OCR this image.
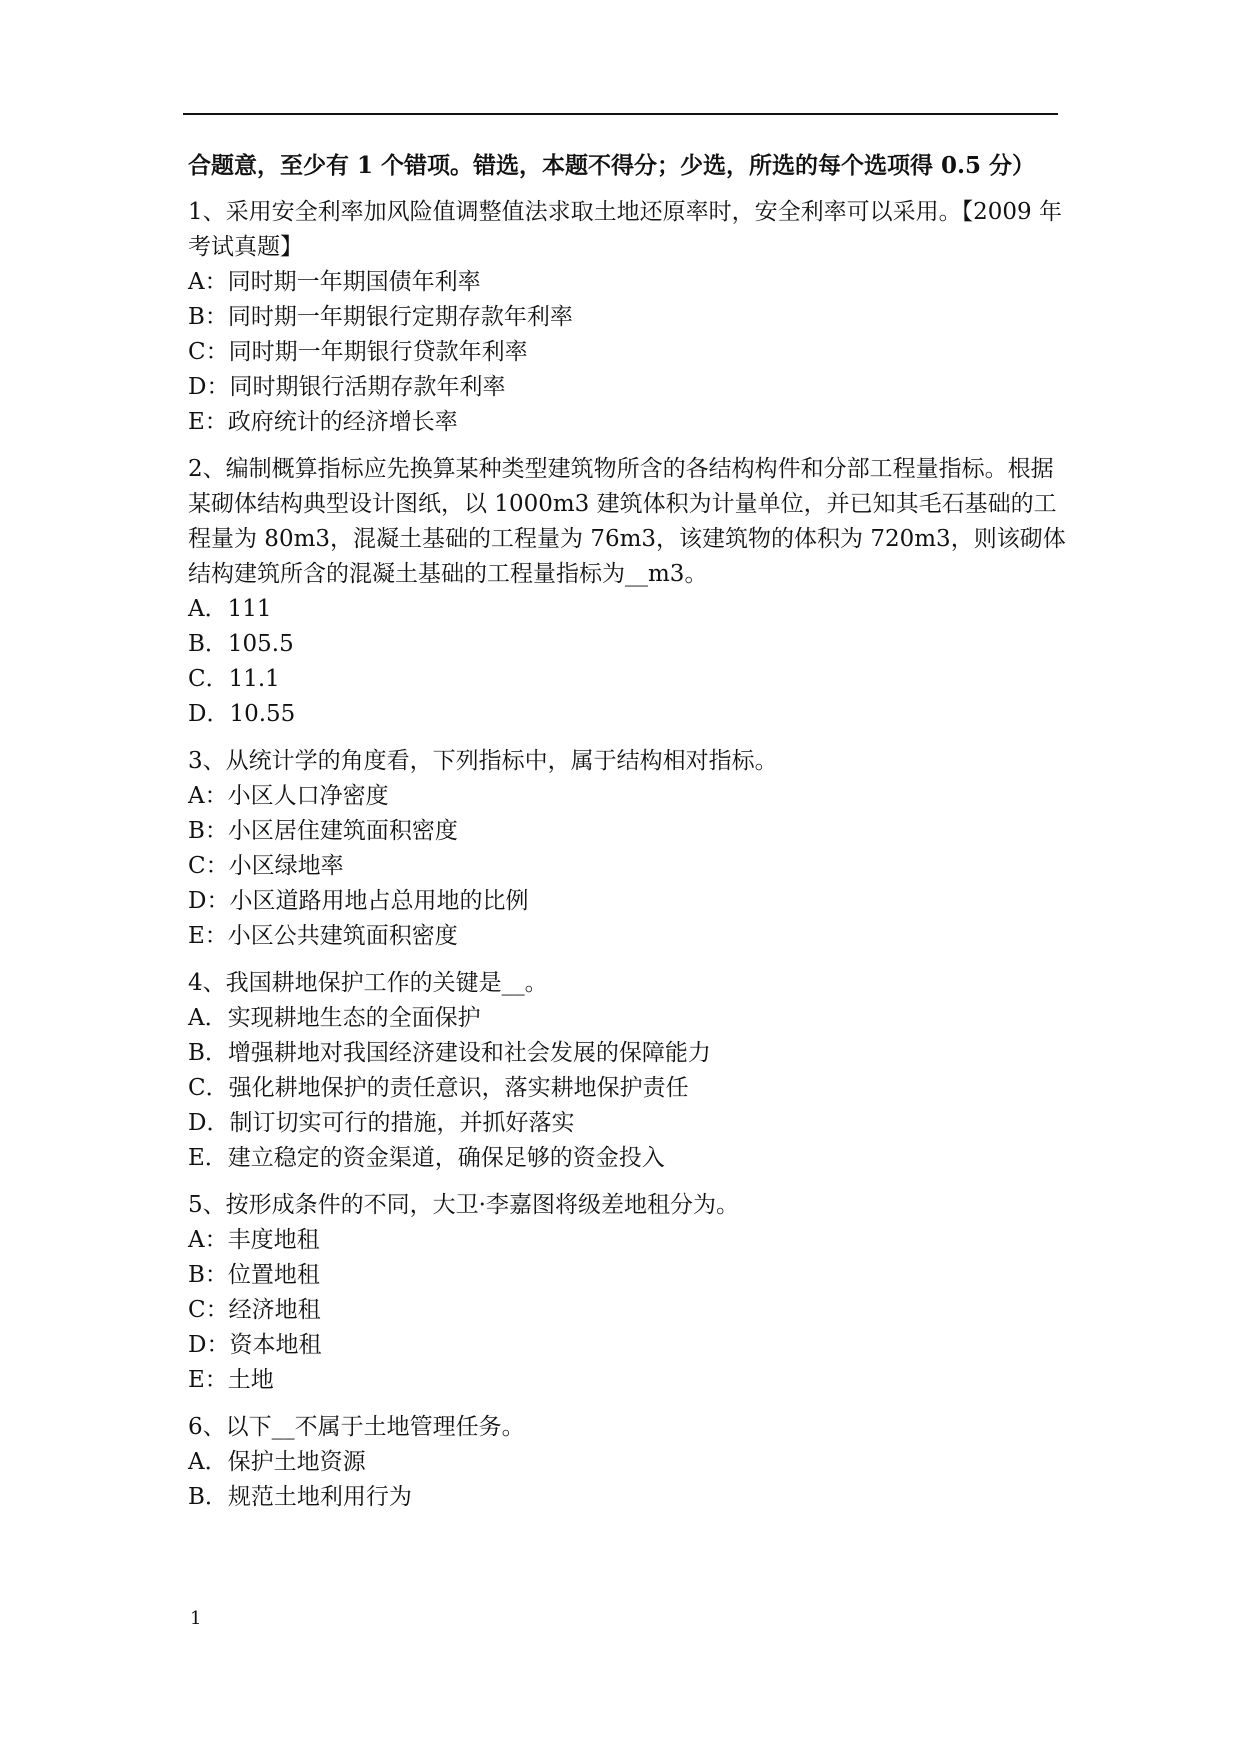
合题意，至少有 1 个错项。错选，本题不得分；少选，所选的每个选项得 0.5 分）

1、采用安全利率加风险值调整值法求取土地还原率时，安全利率可以采用。【2009 年考试真题】

A：同时期一年期国债年利率

B：同时期一年期银行定期存款年利率

C：同时期一年期银行贷款年利率

D：同时期银行活期存款年利率

E：政府统计的经济增长率

2、编制概算指标应先换算某种类型建筑物所含的各结构构件和分部工程量指标。根据某砌体结构典型设计图纸，以 1000m3 建筑体积为计量单位，并已知其毛石基础的工程量为 80m3，混凝土基础的工程量为 76m3，该建筑物的体积为 720m3，则该砌体结构建筑所含的混凝土基础的工程量指标为__m3。

A．111

B．105.5

C．11.1

D．10.55

3、从统计学的角度看，下列指标中，属于结构相对指标。

A：小区人口净密度

B：小区居住建筑面积密度

C：小区绿地率

D：小区道路用地占总用地的比例

E：小区公共建筑面积密度

4、我国耕地保护工作的关键是__。

A．实现耕地生态的全面保护

B．增强耕地对我国经济建设和社会发展的保障能力

C．强化耕地保护的责任意识，落实耕地保护责任

D．制订切实可行的措施，并抓好落实

E．建立稳定的资金渠道，确保足够的资金投入

5、按形成条件的不同，大卫·李嘉图将级差地租分为。

A：丰度地租

B：位置地租

C：经济地租

D：资本地租

E：土地

6、以下__不属于土地管理任务。

A．保护土地资源

B．规范土地利用行为

1
